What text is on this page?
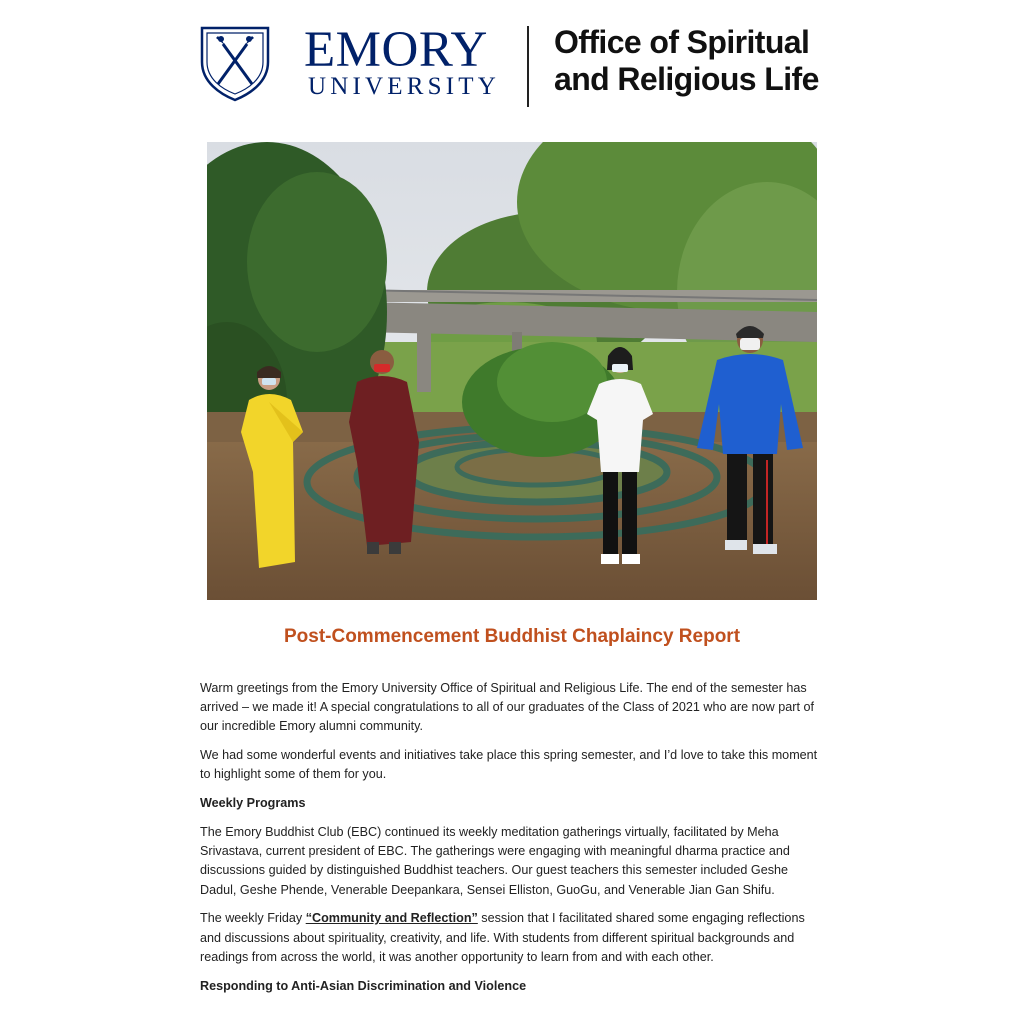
EMORY
UNIVERSITY
Office of Spiritual
and Religious Life
Post-Commencement Buddhist Chaplaincy Report

Warm greetings from the Emory University Office of Spiritual and Religious Life. The end of the semester has arrived – we made it! A special congratulations to all of our graduates of the Class of 2021 who are now part of our incredible Emory alumni community.

We had some wonderful events and initiatives take place this spring semester, and I’d love to take this moment to highlight some of them for you.

Weekly Programs

The Emory Buddhist Club (EBC) continued its weekly meditation gatherings virtually, facilitated by Meha Srivastava, current president of EBC. The gatherings were engaging with meaningful dharma practice and discussions guided by distinguished Buddhist teachers. Our guest teachers this semester included Geshe Dadul, Geshe Phende, Venerable Deepankara, Sensei Elliston, GuoGu, and Venerable Jian Gan Shifu.

The weekly Friday “Community and Reflection” session that I facilitated shared some engaging reflections and discussions about spirituality, creativity, and life. With students from different spiritual backgrounds and readings from across the world, it was another opportunity to learn from and with each other.

Responding to Anti-Asian Discrimination and Violence
